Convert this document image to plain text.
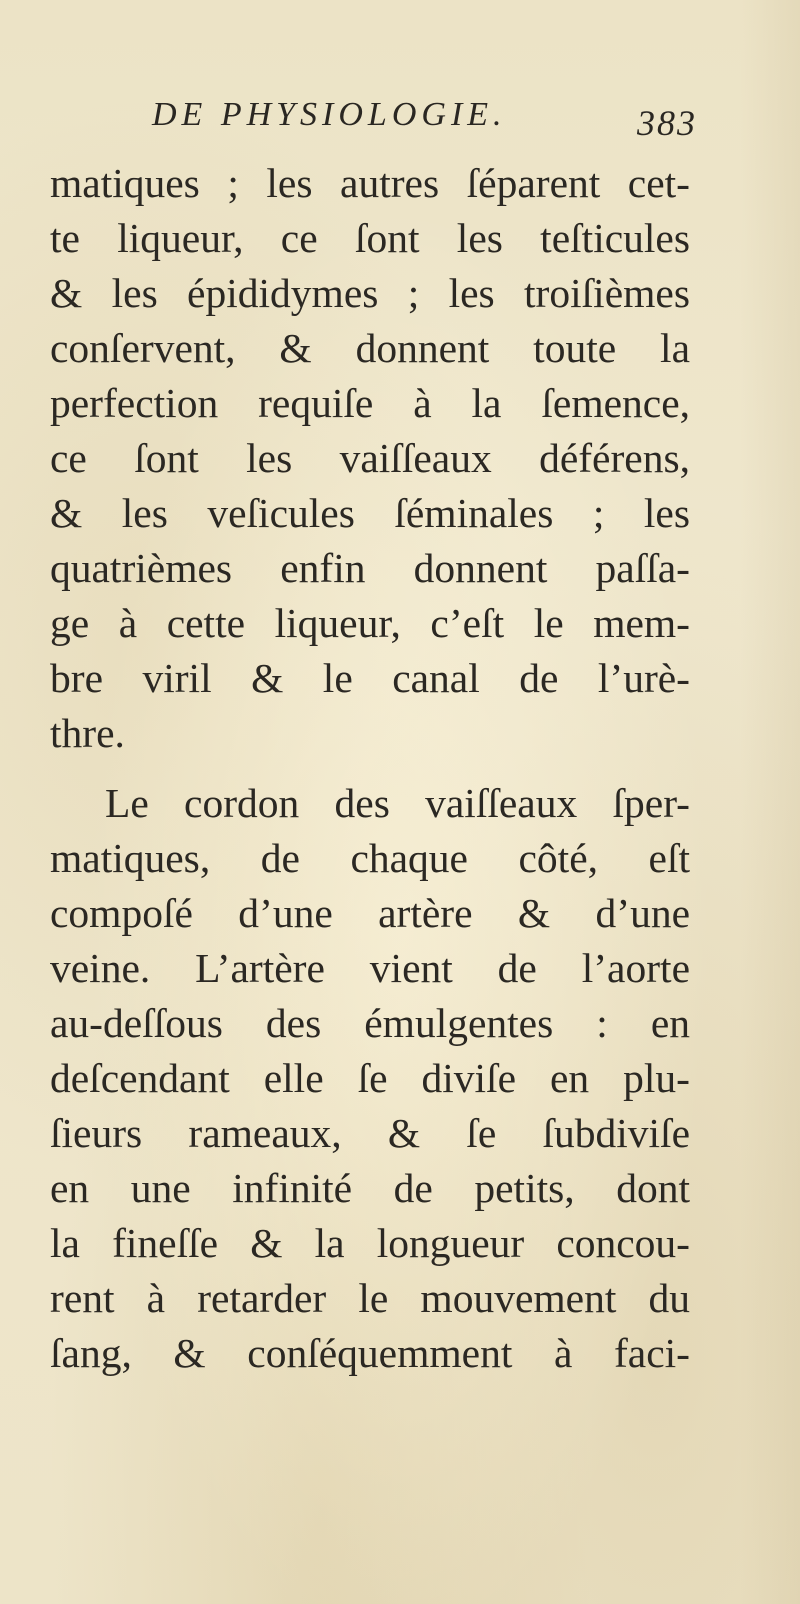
DE PHYSIOLOGIE.	383
matiques ; les autres ſéparent cet-
te liqueur, ce ſont les teſticules
& les épididymes ; les troiſièmes
conſervent, & donnent toute la
perfection requiſe à la ſemence,
ce ſont les vaiſſeaux déférens,
& les veſicules ſéminales ; les
quatrièmes enfin donnent paſſa-
ge à cette liqueur, c’eſt le mem-
bre viril & le canal de l’urè-
thre.
Le cordon des vaiſſeaux ſper-
matiques, de chaque côté, eſt
compoſé d’une artère & d’une
veine. L’artère vient de l’aorte
au-deſſous des émulgentes : en
deſcendant elle ſe diviſe en plu-
ſieurs rameaux, & ſe ſubdiviſe
en une infinité de petits, dont
la fineſſe & la longueur concou-
rent à retarder le mouvement du
ſang, & conſéquemment à faci-
